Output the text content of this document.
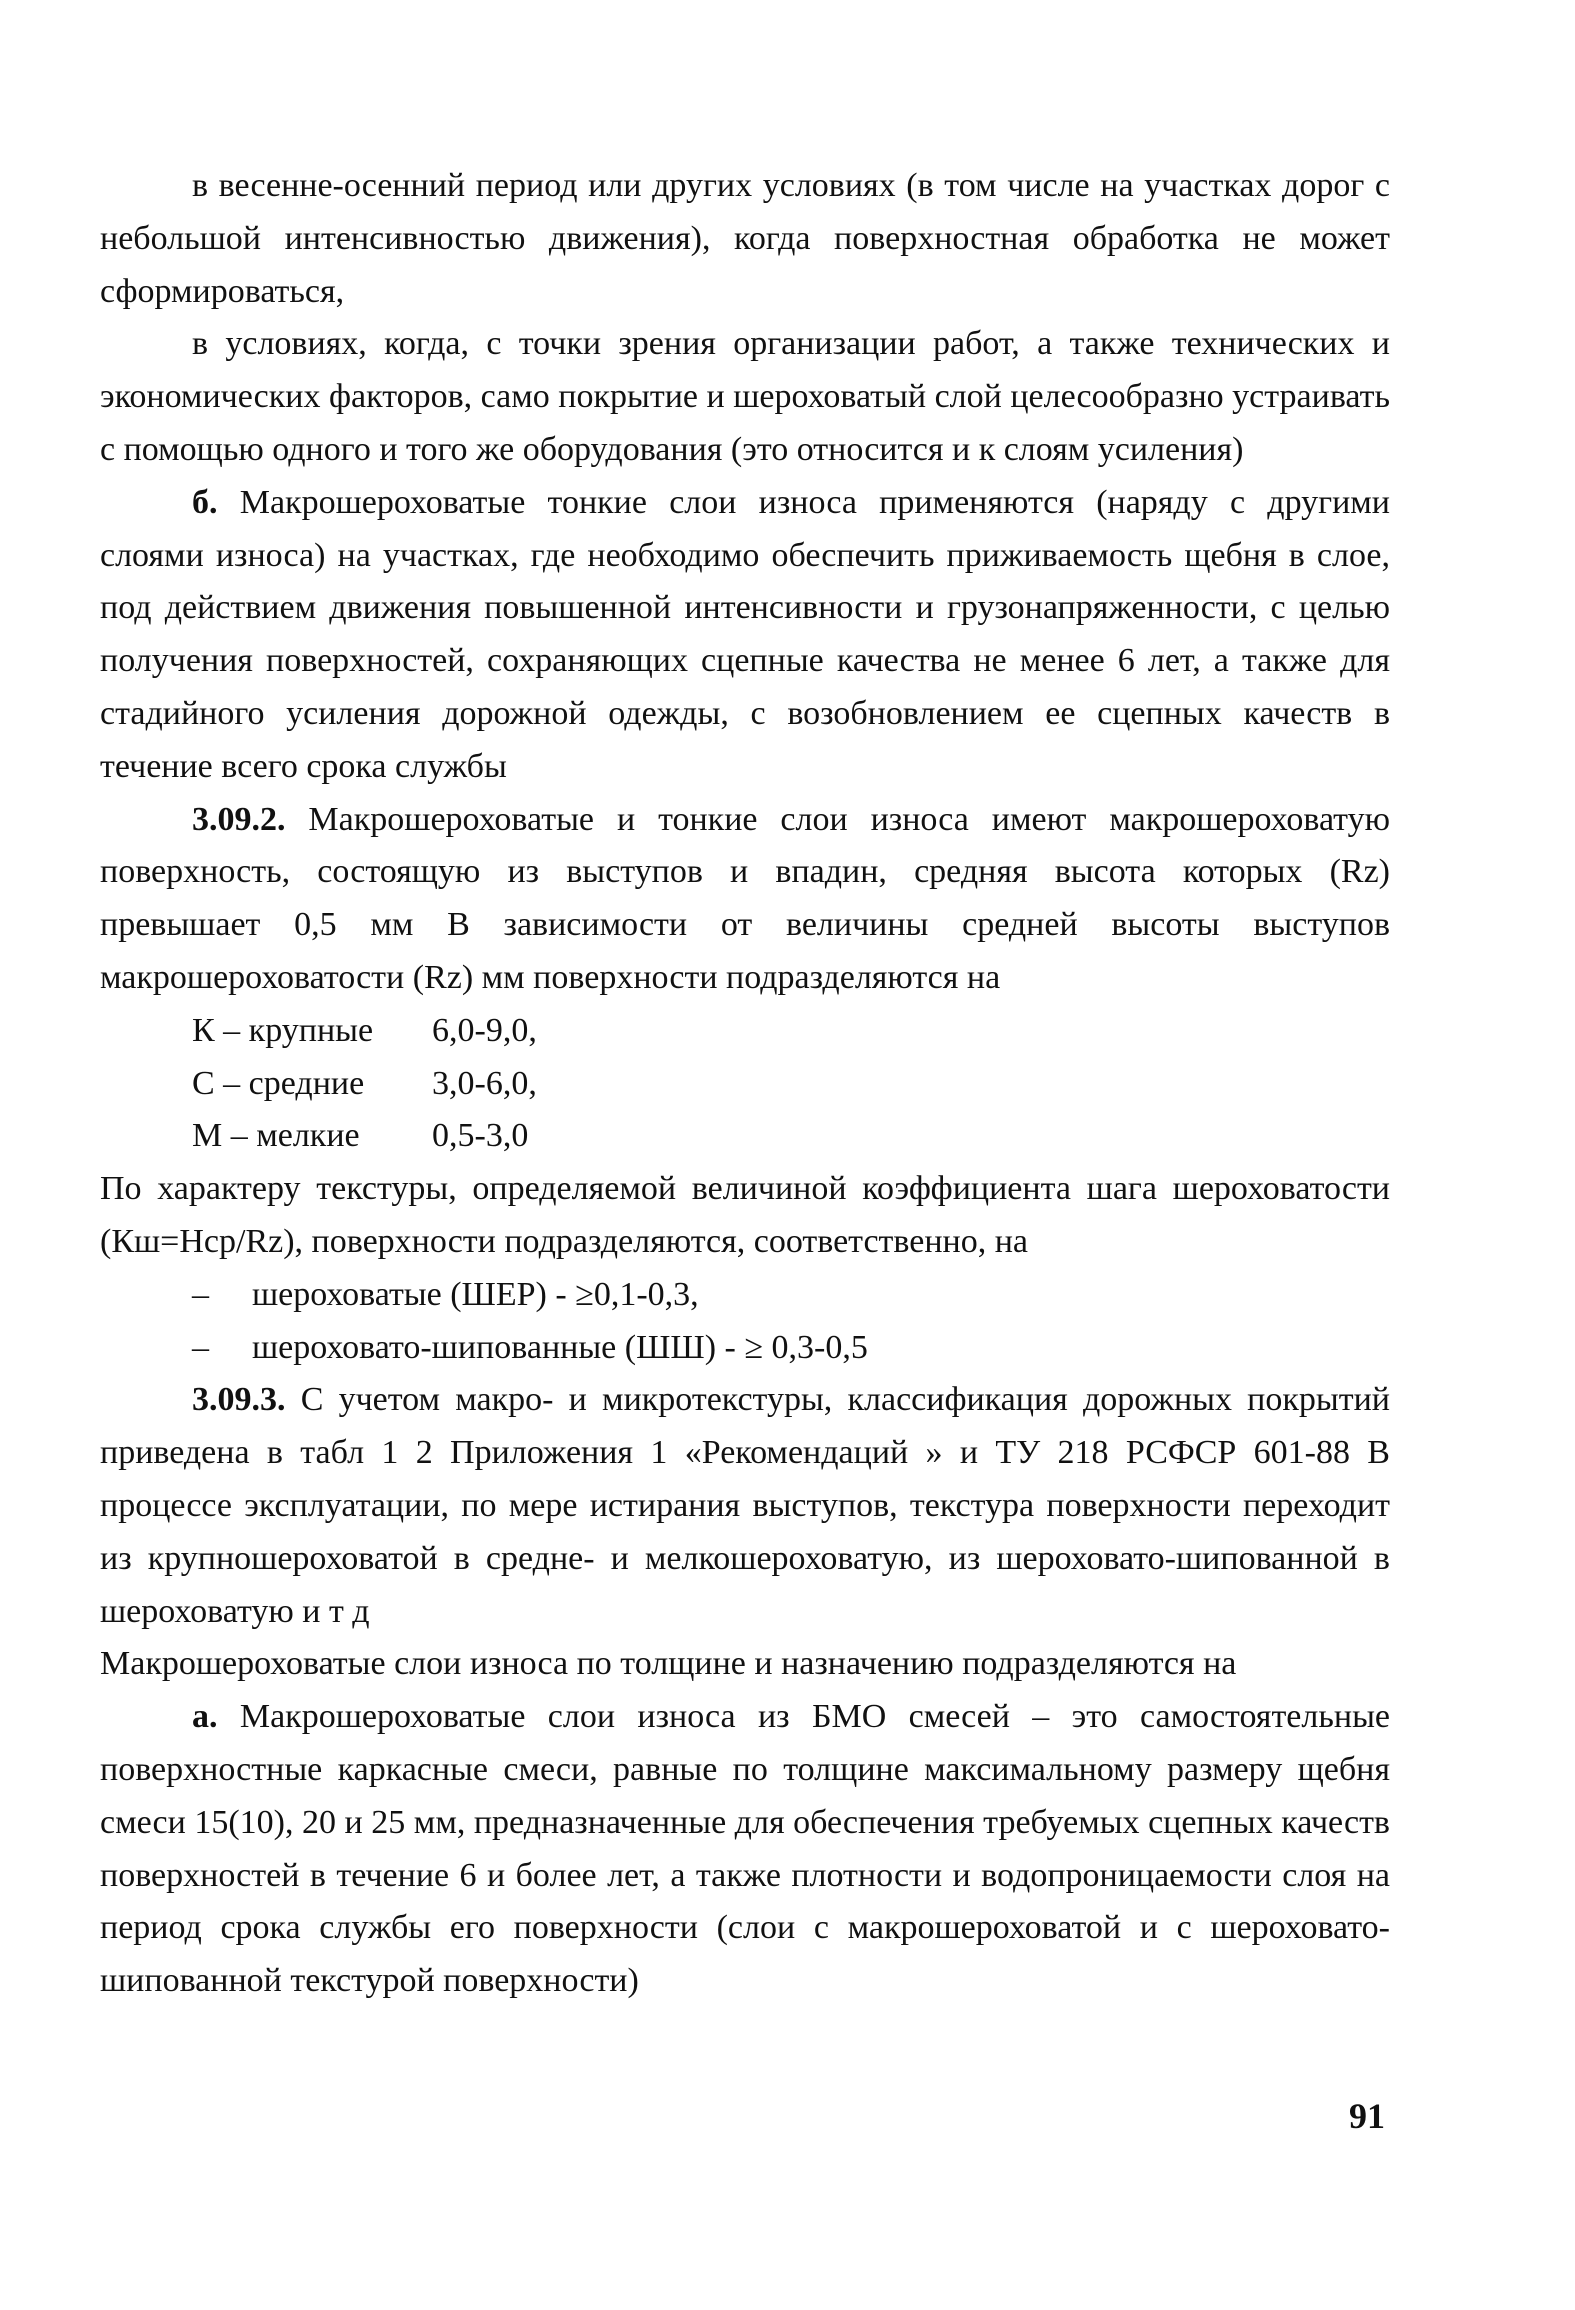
в весенне-осенний период или других условиях (в том числе на участках дорог с небольшой интенсивностью движения), когда поверхностная обработка не может сформироваться,

в условиях, когда, с точки зрения организации работ, а также технических и экономических факторов, само покрытие и шероховатый слой целесообразно устраивать с помощью одного и того же оборудования (это относится и к слоям усиления)

б. Макрошероховатые тонкие слои износа применяются (наряду с другими слоями износа) на участках, где необходимо обеспечить приживаемость щебня в слое, под действием движения повышенной интенсивности и грузонапряженности, с целью получения поверхностей, сохраняющих сцепные качества не менее 6 лет, а также для стадийного усиления дорожной одежды, с возобновлением ее сцепных качеств в течение всего срока службы

3.09.2. Макрошероховатые и тонкие слои износа имеют макрошероховатую поверхность, состоящую из выступов и впадин, средняя высота которых (Rz) превышает 0,5 мм В зависимости от величины средней высоты выступов макрошероховатости (Rz) мм поверхности подразделяются на

К – крупные	6,0-9,0,
С – средние	3,0-6,0,
М – мелкие	0,5-3,0

По характеру текстуры, определяемой величиной коэффициента шага шероховатости (Кш=Нср/Rz), поверхности подразделяются, соответственно, на

– шероховатые (ШЕР) - ≥0,1-0,3,
– шероховато-шипованные (ШШ) - ≥ 0,3-0,5

3.09.3. С учетом макро- и микротекстуры, классификация дорожных покрытий приведена в табл 1 2 Приложения 1 «Рекомендаций » и ТУ 218 РСФСР 601-88 В процессе эксплуатации, по мере истирания выступов, текстура поверхности переходит из крупношероховатой в средне- и мелкошероховатую, из шероховато-шипованной в шероховатую и т д

Макрошероховатые слои износа по толщине и назначению подразделяются на

а. Макрошероховатые слои износа из БМО смесей – это самостоятельные поверхностные каркасные смеси, равные по толщине максимальному размеру щебня смеси 15(10), 20 и 25 мм, предназначенные для обеспечения требуемых сцепных качеств поверхностей в течение 6 и более лет, а также плотности и водопроницаемости слоя на период срока службы его поверхности (слои с макрошероховатой и с шероховато-шипованной текстурой поверхности)

91
